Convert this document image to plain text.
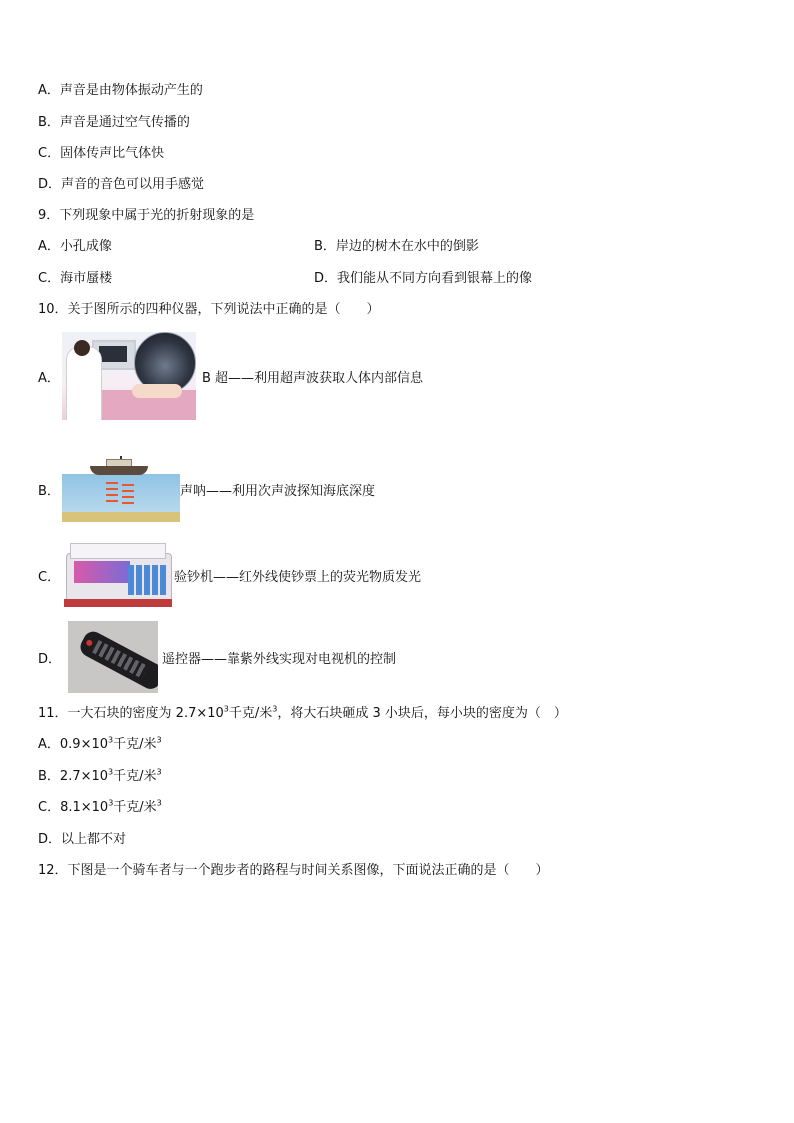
A．声音是由物体振动产生的
B．声音是通过空气传播的
C．固体传声比气体快
D．声音的音色可以用手感觉
9．下列现象中属于光的折射现象的是
A．小孔成像	B．岸边的树木在水中的倒影
C．海市蜃楼	D．我们能从不同方向看到银幕上的像
10．关于图所示的四种仪器，下列说法中正确的是（　　）
A．	B 超——利用超声波获取人体内部信息
B．	声呐——利用次声波探知海底深度
C．	验钞机——红外线使钞票上的荧光物质发光
D．	遥控器——靠紫外线实现对电视机的控制
11．一大石块的密度为 $2.7\times 10^3$千克/米$^3$，将大石块砸成 3 小块后，每小块的密度为（　）
A．$0.9\times 10^3$千克/米$^3$
B．$2.7\times 10^3$千克/米$^3$
C．$8.1\times 10^3$千克/米$^3$
D．以上都不对
12．下图是一个骑车者与一个跑步者的路程与时间关系图像，下面说法正确的是（　　）
